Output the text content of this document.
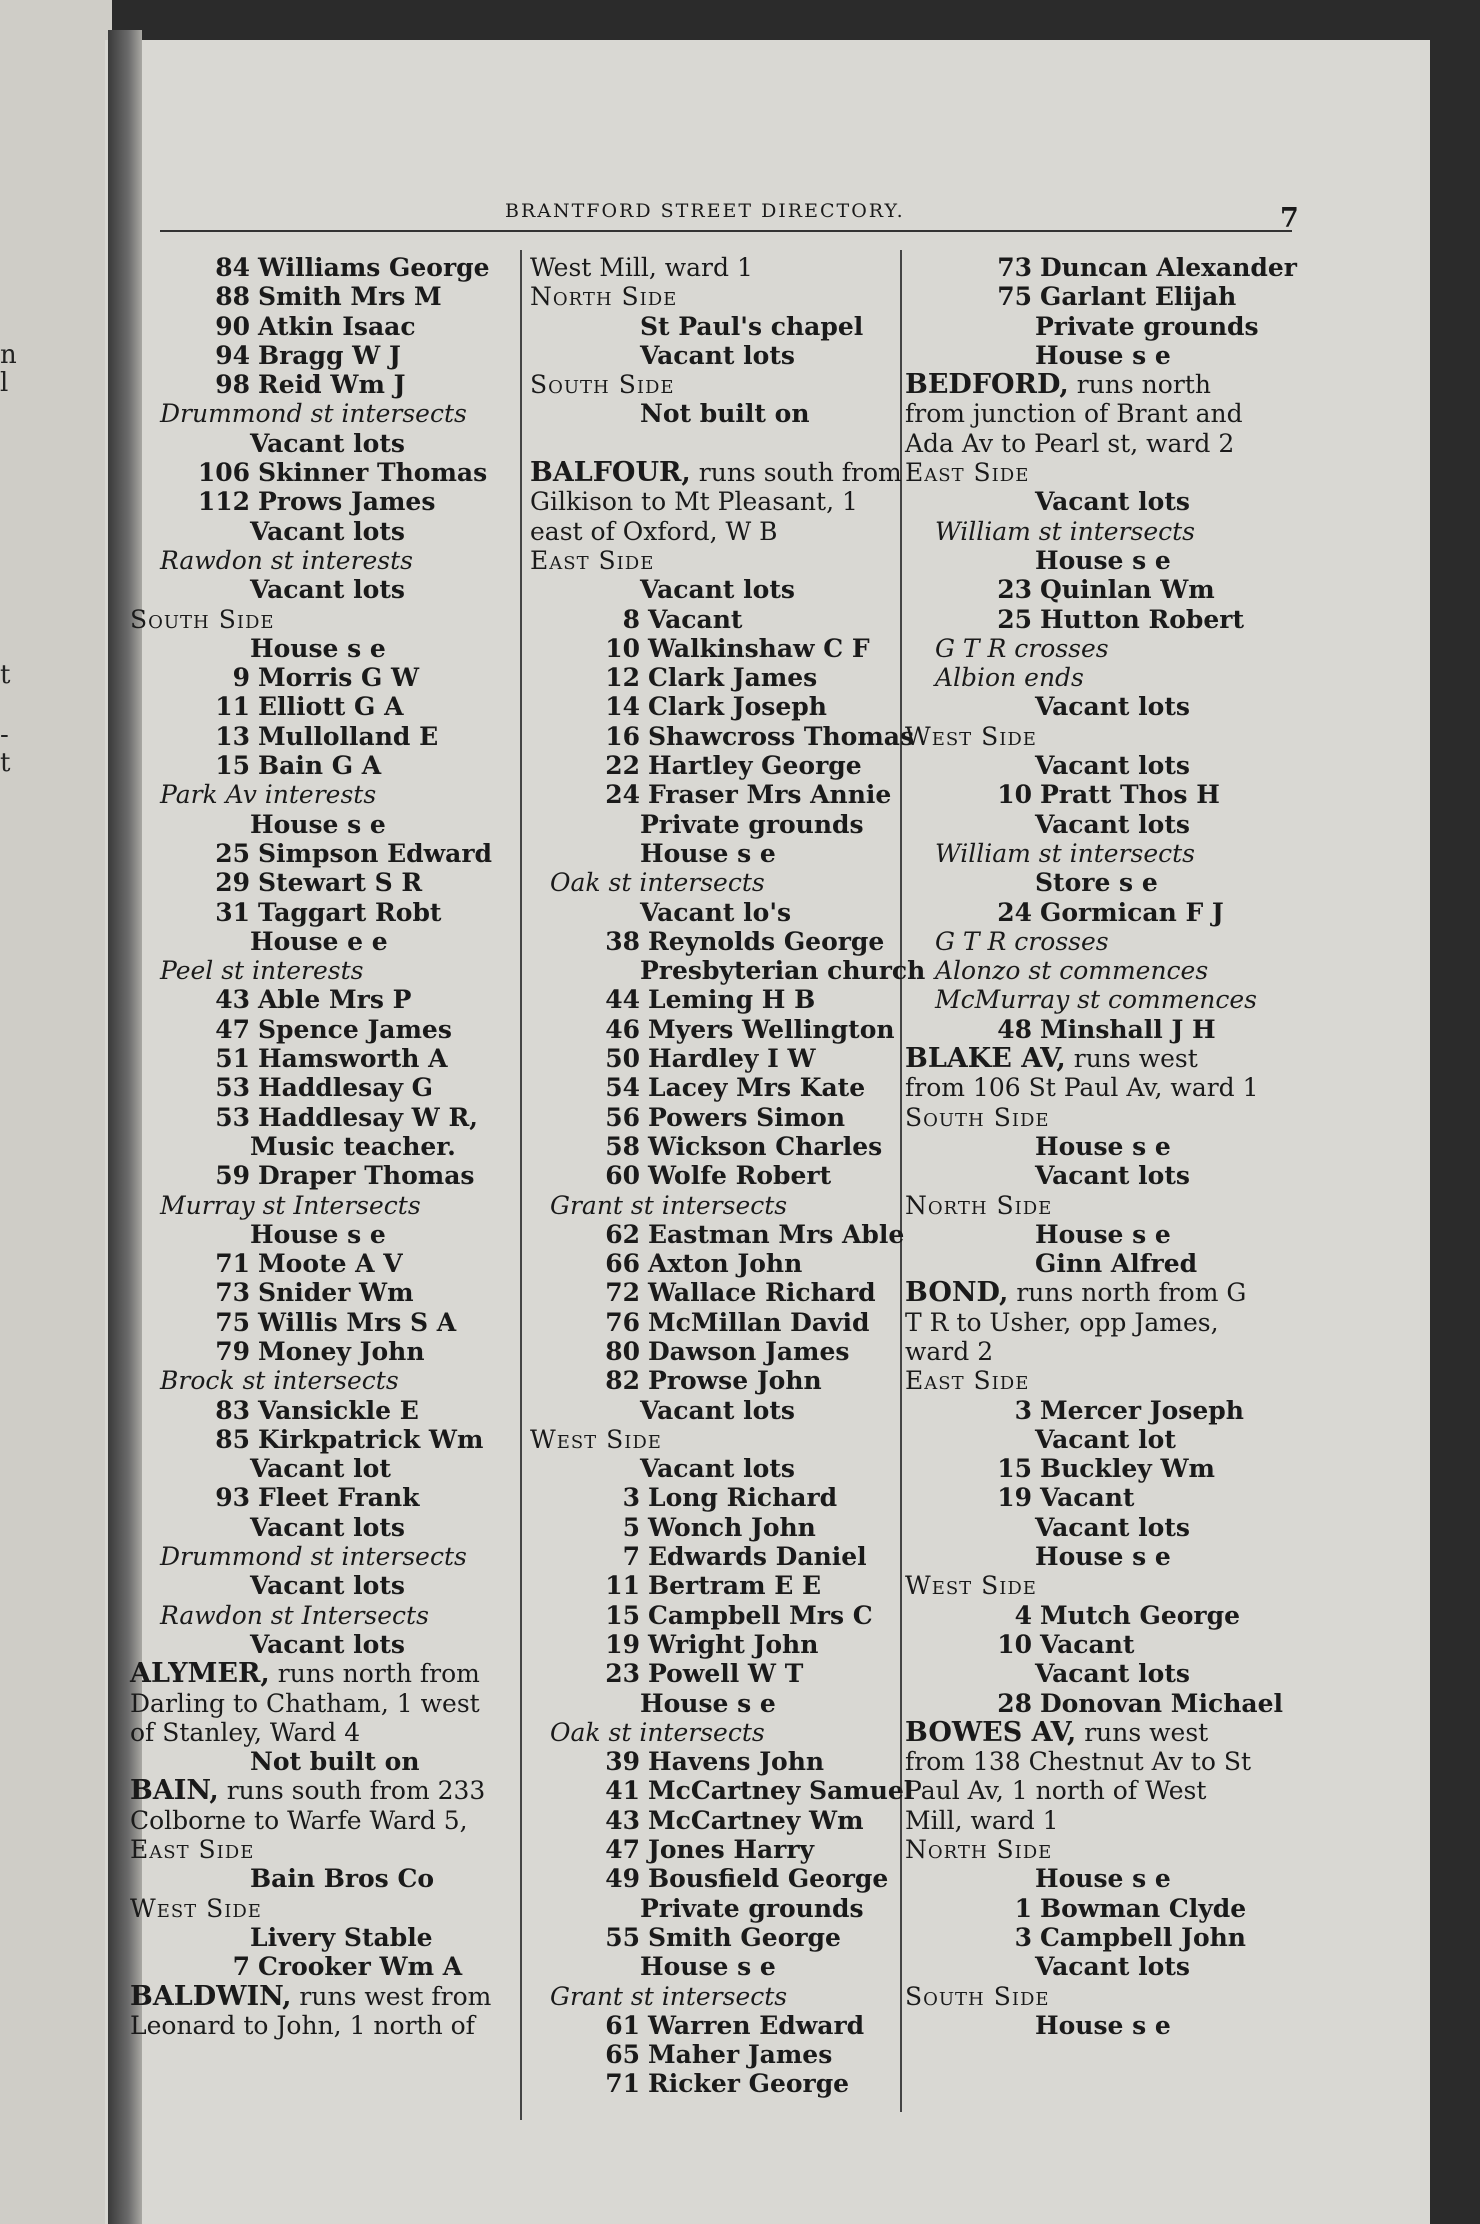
n
l
t
-
t
BRANTFORD STREET DIRECTORY.	7
84 Williams George
88 Smith Mrs M
90 Atkin Isaac
94 Bragg W J
98 Reid Wm J
Drummond st intersects
Vacant lots
106 Skinner Thomas
112 Prows James
Vacant lots
Rawdon st interests
Vacant lots
South Side
House s e
9 Morris G W
11 Elliott G A
13 Mullolland E
15 Bain G A
Park Av interests
House s e
25 Simpson Edward
29 Stewart S R
31 Taggart Robt
House e e
Peel st interests
43 Able Mrs P
47 Spence James
51 Hamsworth A
53 Haddlesay G
53 Haddlesay W R,
Music teacher.
59 Draper Thomas
Murray st Intersects
House s e
71 Moote A V
73 Snider Wm
75 Willis Mrs S A
79 Money John
Brock st intersects
83 Vansickle E
85 Kirkpatrick Wm
Vacant lot
93 Fleet Frank
Vacant lots
Drummond st intersects
Vacant lots
Rawdon st Intersects
Vacant lots
ALYMER, runs north from
Darling to Chatham, 1 west
of Stanley, Ward 4
Not built on
BAIN, runs south from 233
Colborne to Warfe Ward 5,
East Side
Bain Bros Co
West Side
Livery Stable
7 Crooker Wm A
BALDWIN, runs west from
Leonard to John, 1 north of
West Mill, ward 1
North Side
St Paul's chapel
Vacant lots
South Side
Not built on
BALFOUR, runs south from
Gilkison to Mt Pleasant, 1
east of Oxford, W B
East Side
Vacant lots
8 Vacant
10 Walkinshaw C F
12 Clark James
14 Clark Joseph
16 Shawcross Thomas
22 Hartley George
24 Fraser Mrs Annie
Private grounds
House s e
Oak st intersects
Vacant lo's
38 Reynolds George
Presbyterian church
44 Leming H B
46 Myers Wellington
50 Hardley I W
54 Lacey Mrs Kate
56 Powers Simon
58 Wickson Charles
60 Wolfe Robert
Grant st intersects
62 Eastman Mrs Able
66 Axton John
72 Wallace Richard
76 McMillan David
80 Dawson James
82 Prowse John
Vacant lots
West Side
Vacant lots
3 Long Richard
5 Wonch John
7 Edwards Daniel
11 Bertram E E
15 Campbell Mrs C
19 Wright John
23 Powell W T
House s e
Oak st intersects
39 Havens John
41 McCartney Samuel
43 McCartney Wm
47 Jones Harry
49 Bousfield George
Private grounds
55 Smith George
House s e
Grant st intersects
61 Warren Edward
65 Maher James
71 Ricker George
73 Duncan Alexander
75 Garlant Elijah
Private grounds
House s e
BEDFORD, runs north
from junction of Brant and
Ada Av to Pearl st, ward 2
East Side
Vacant lots
William st intersects
House s e
23 Quinlan Wm
25 Hutton Robert
G T R crosses
Albion ends
Vacant lots
West Side
Vacant lots
10 Pratt Thos H
Vacant lots
William st intersects
Store s e
24 Gormican F J
G T R crosses
Alonzo st commences
McMurray st commences
48 Minshall J H
BLAKE AV, runs west
from 106 St Paul Av, ward 1
South Side
House s e
Vacant lots
North Side
House s e
Ginn Alfred
BOND, runs north from G
T R to Usher, opp James,
ward 2
East Side
3 Mercer Joseph
Vacant lot
15 Buckley Wm
19 Vacant
Vacant lots
House s e
West Side
4 Mutch George
10 Vacant
Vacant lots
28 Donovan Michael
BOWES AV, runs west
from 138 Chestnut Av to St
Paul Av, 1 north of West
Mill, ward 1
North Side
House s e
1 Bowman Clyde
3 Campbell John
Vacant lots
South Side
House s e
